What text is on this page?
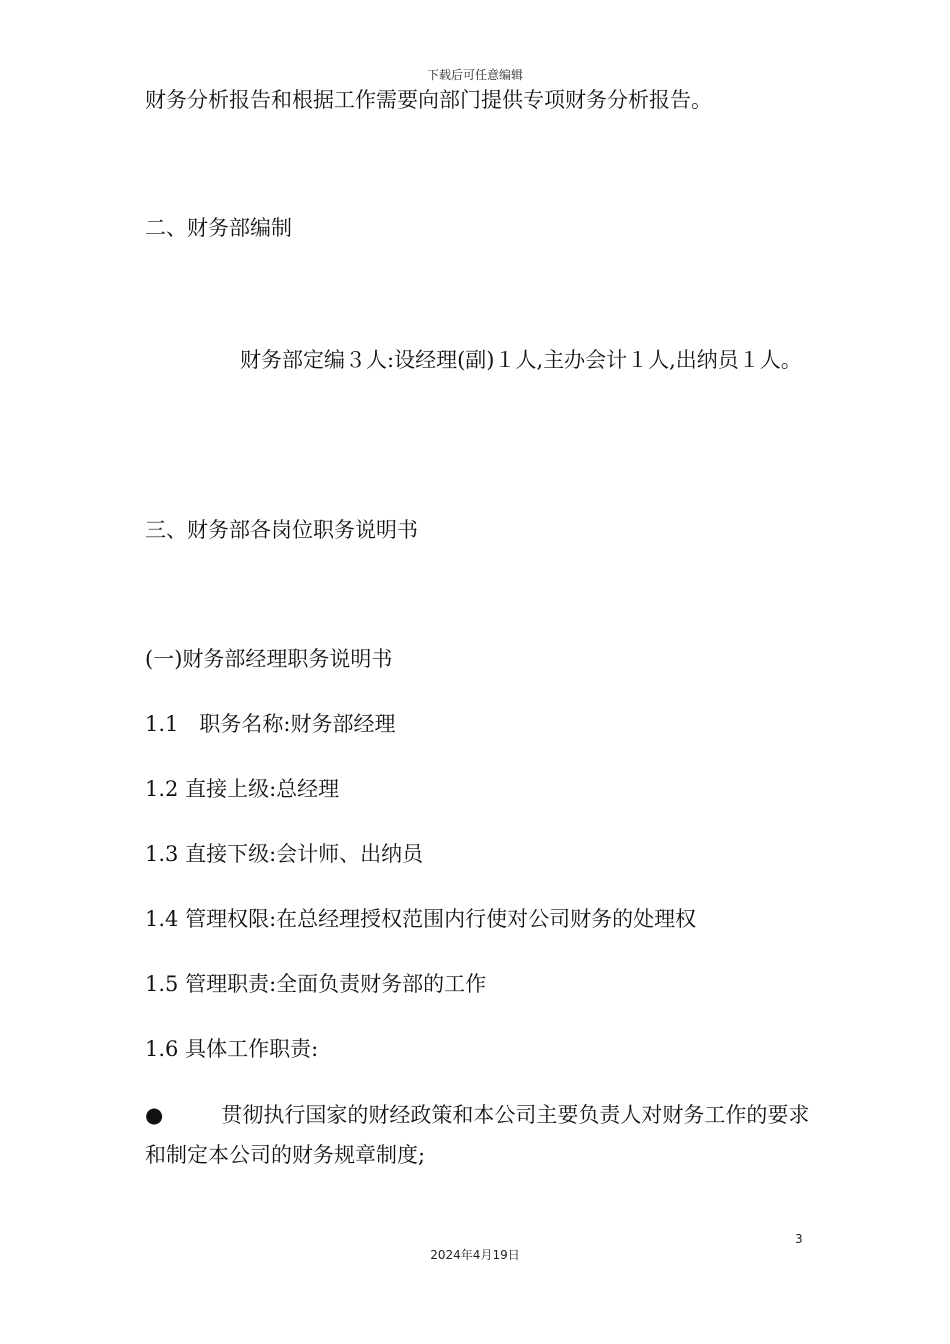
下载后可任意编辑
财务分析报告和根据工作需要向部门提供专项财务分析报告。
二、财务部编制
财务部定编３人:设经理(副)１人,主办会计１人,出纳员１人。
三、财务部各岗位职务说明书
(一)财务部经理职务说明书
1.1　职务名称:财务部经理
1.2 直接上级:总经理
1.3 直接下级:会计师、出纳员
1.4 管理权限:在总经理授权范围内行使对公司财务的处理权
1.5 管理职责:全面负责财务部的工作
1.6 具体工作职责:
●	贯彻执行国家的财经政策和本公司主要负责人对财务工作的要求和制定本公司的财务规章制度;
3
2024年4月19日
